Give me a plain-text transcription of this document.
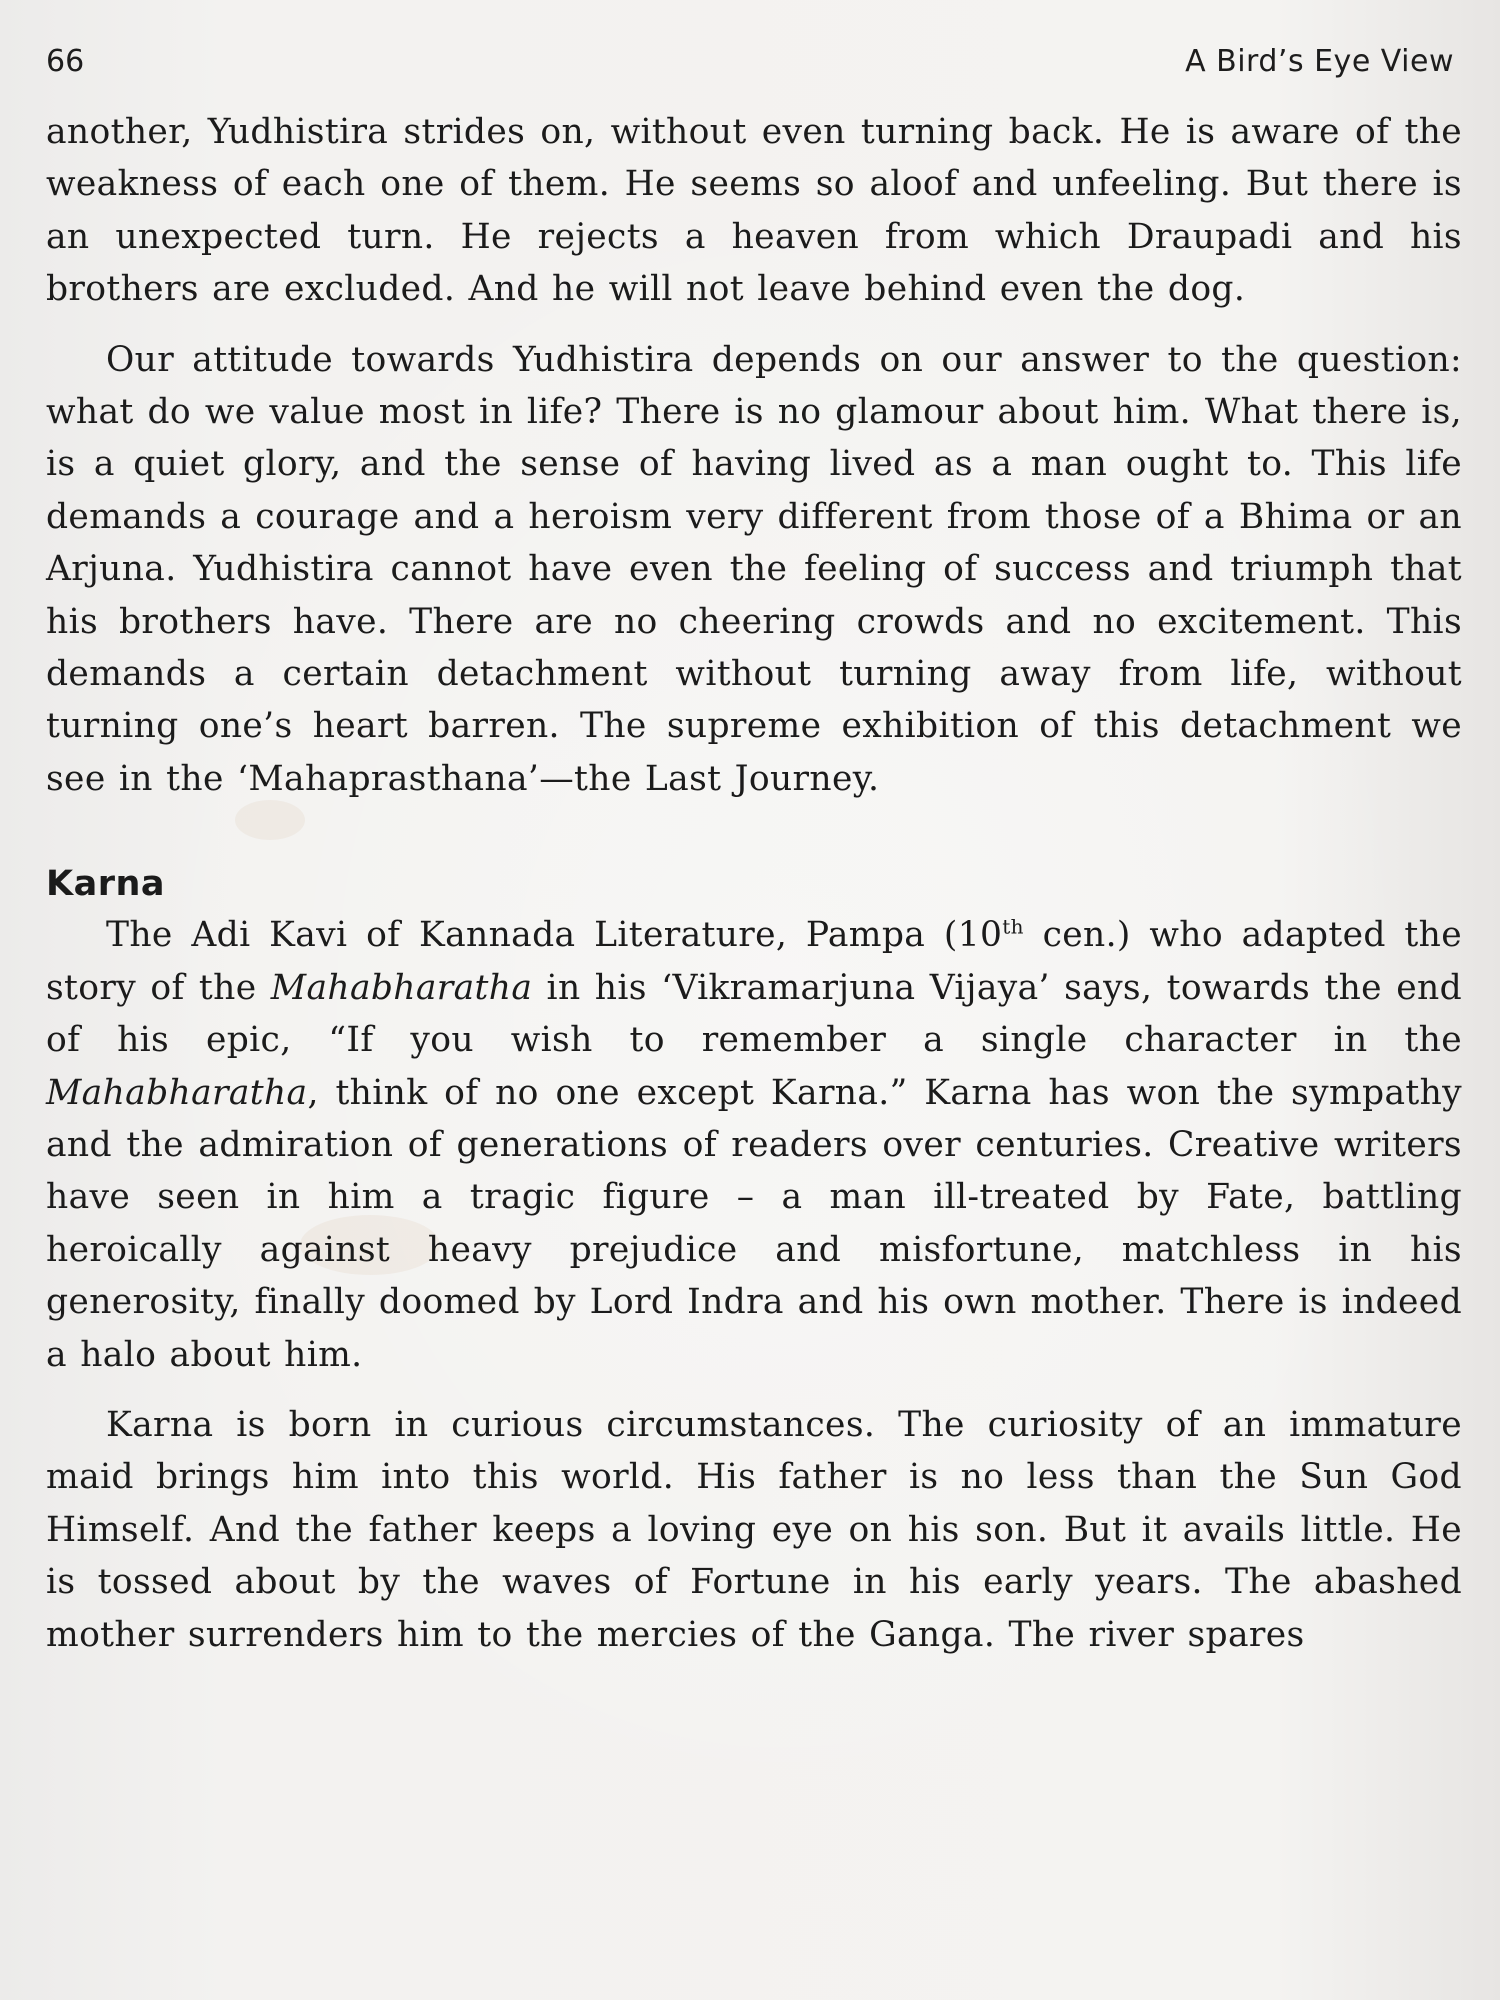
66	A Bird’s Eye View

another, Yudhistira strides on, without even turning back. He is aware of the weakness of each one of them. He seems so aloof and unfeeling. But there is an unexpected turn. He rejects a heaven from which Draupadi and his brothers are excluded. And he will not leave behind even the dog.

Our attitude towards Yudhistira depends on our answer to the question: what do we value most in life? There is no glamour about him. What there is, is a quiet glory, and the sense of having lived as a man ought to. This life demands a courage and a heroism very different from those of a Bhima or an Arjuna. Yudhistira cannot have even the feeling of success and triumph that his brothers have. There are no cheering crowds and no excitement. This demands a certain detachment without turning away from life, without turning one’s heart barren. The supreme exhibition of this detachment we see in the ‘Mahaprasthana’—the Last Journey.

Karna

The Adi Kavi of Kannada Literature, Pampa (10th cen.) who adapted the story of the Mahabharatha in his ‘Vikramarjuna Vijaya’ says, towards the end of his epic, “If you wish to remember a single character in the Mahabharatha, think of no one except Karna.” Karna has won the sympathy and the admiration of generations of readers over centuries. Creative writers have seen in him a tragic figure – a man ill-treated by Fate, battling heroically against heavy prejudice and misfortune, matchless in his generosity, finally doomed by Lord Indra and his own mother. There is indeed a halo about him.

Karna is born in curious circumstances. The curiosity of an immature maid brings him into this world. His father is no less than the Sun God Himself. And the father keeps a loving eye on his son. But it avails little. He is tossed about by the waves of Fortune in his early years. The abashed mother surrenders him to the mercies of the Ganga. The river spares
